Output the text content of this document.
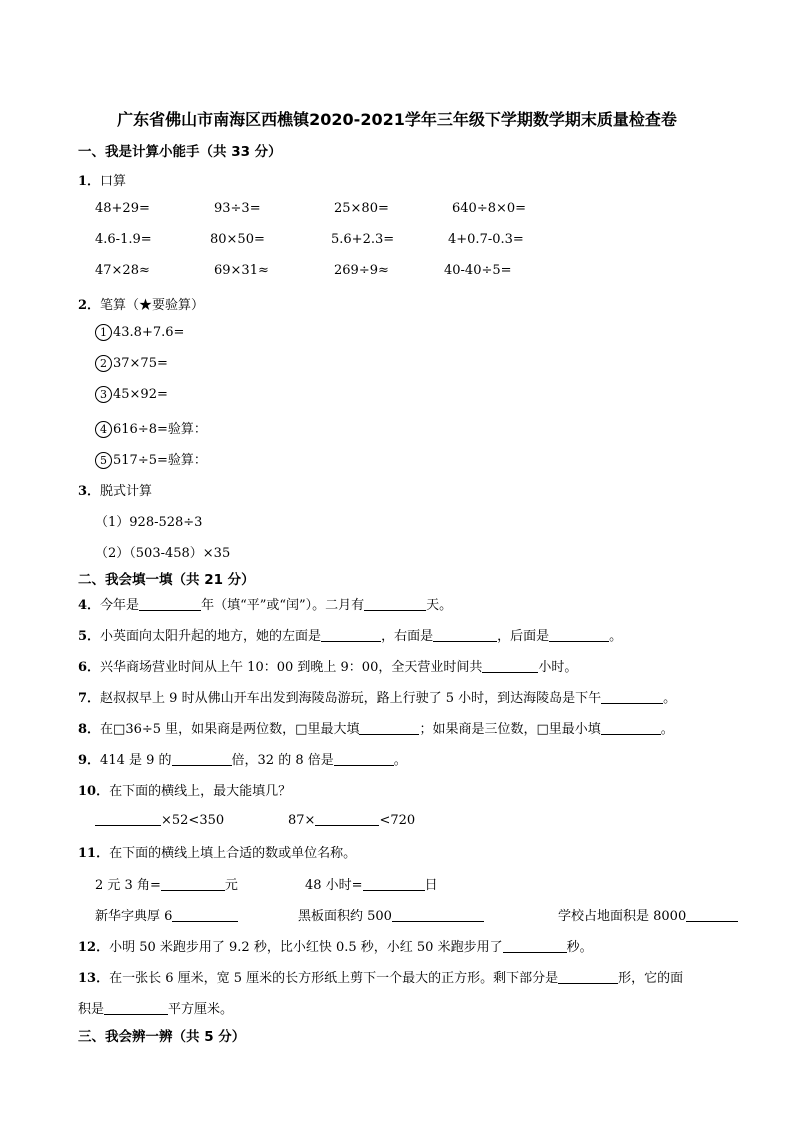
广东省佛山市南海区西樵镇2020-2021学年三年级下学期数学期末质量检查卷
一、我是计算小能手（共 33 分）
1．口算
48+29=	93÷3=	25×80=	640÷8×0=
4.6-1.9=	80×50=	5.6+2.3=	4+0.7-0.3=
47×28≈	69×31≈	269÷9≈	40-40÷5=
2．笔算（★要验算）
1 43.8+7.6=
2 37×75=
3 45×92=
4 616÷8=验算：
5 517÷5=验算：
3．脱式计算
（1）928-528÷3
（2）（503-458）×35
二、我会填一填（共 21 分）
4．今年是	年（填“平”或“闰”）。二月有	天。
5．小英面向太阳升起的地方，她的左面是	，右面是	，后面是	。
6．兴华商场营业时间从上午 10：00 到晚上 9：00，全天营业时间共	小时。
7．赵叔叔早上 9 时从佛山开车出发到海陵岛游玩，路上行驶了 5 小时，到达海陵岛是下午	。
8．在□36÷5 里，如果商是两位数，□里最大填	；如果商是三位数，□里最小填	。
9．414 是 9 的	倍，32 的 8 倍是	。
10．在下面的横线上，最大能填几？
×52<350	87×	<720
11．在下面的横线上填上合适的数或单位名称。
2 元 3 角=	元	48 小时=	日
新华字典厚 6	黑板面积约 500	学校占地面积是 8000
12．小明 50 米跑步用了 9.2 秒，比小红快 0.5 秒，小红 50 米跑步用了	秒。
13．在一张长 6 厘米，宽 5 厘米的长方形纸上剪下一个最大的正方形。剩下部分是	形，它的面
积是	平方厘米。
三、我会辨一辨（共 5 分）
